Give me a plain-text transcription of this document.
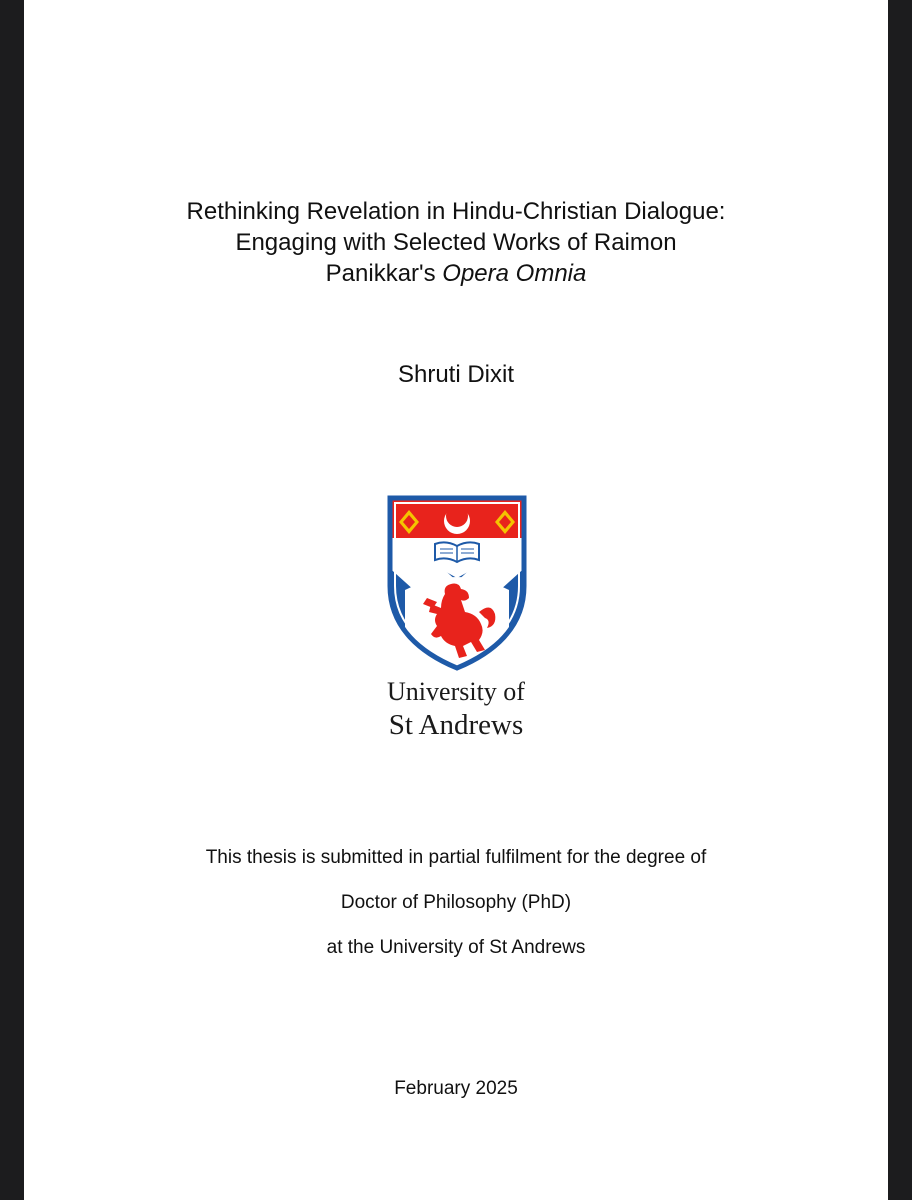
Rethinking Revelation in Hindu-Christian Dialogue:
Engaging with Selected Works of Raimon
Panikkar's Opera Omnia
Shruti Dixit
University of
St Andrews
This thesis is submitted in partial fulfilment for the degree of
Doctor of Philosophy (PhD)
at the University of St Andrews
February 2025
